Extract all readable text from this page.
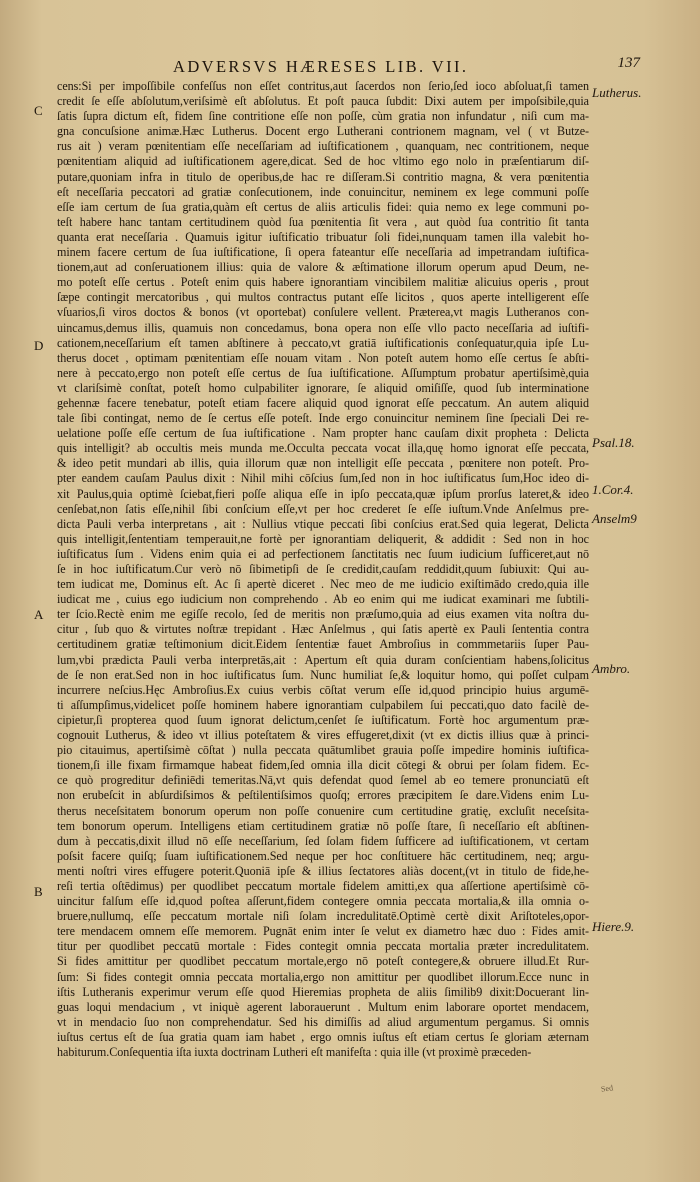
ADVERSVS HÆRESES LIB. VII.	137
cens:Si per impoſſibile confeſſus non eſſet contritus,aut ſacerdos non ſerio,ſed ioco abſoluat,ſi tamen
credit ſe eſſe abſolutum,veriſsimè eſt abſolutus. Et poſt pauca ſubdit: Dixi autem per impoſsibile,quia
ſatis ſupra dictum eſt, fidem ſine contritione eſſe non poſſe, cùm gratia non infundatur , niſi cum ma-
gna concuſsione animæ.Hæc Lutherus. Docent ergo Lutherani contrionem magnam, vel ( vt Butze-
rus ait ) veram pœnitentiam eſſe neceſſariam ad iuſtificationem , quanquam, nec contritionem, neque
pœnitentiam aliquid ad iuſtificationem agere,dicat. Sed de hoc vltimo ego nolo in præſentiarum diſ-
putare,quoniam infra in titulo de operibus,de hac re diſſeram.Si contritio magna, & vera pœnitentia
eſt neceſſaria peccatori ad gratiæ conſecutionem, inde conuincitur, neminem ex lege communi poſſe
eſſe iam certum de ſua gratia,quàm eſt certus de aliis articulis fidei: quia nemo ex lege communi po-
teſt habere hanc tantam certitudinem quòd ſua pœnitentia ſit vera , aut quòd ſua contritio ſit tanta
quanta erat neceſſaria . Quamuis igitur iuſtificatio tribuatur ſoli fidei,nunquam tamen illa valebit ho-
minem facere certum de ſua iuſtificatione, ſi opera fateantur eſſe neceſſaria ad impetrandam iuſtifica-
tionem,aut ad conſeruationem illius: quia de valore & æſtimatione illorum operum apud Deum, ne-
mo poteſt eſſe certus . Poteſt enim quis habere ignorantiam vincibilem malitiæ alicuius operis , prout
ſæpe contingit mercatoribus , qui multos contractus putant eſſe licitos , quos aperte intelligerent eſſe
vſuarios,ſi viros doctos & bonos (vt oportebat) conſulere vellent. Præterea,vt magis Lutheranos con-
uincamus,demus illis, quamuis non concedamus, bona opera non eſſe vllo pacto neceſſaria ad iuſtifi-
cationem,neceſſarium eſt tamen abſtinere à peccato,vt gratiā iuſtificationis conſequatur,quia ipſe Lu-
therus docet , optimam pœnitentiam eſſe nouam vitam . Non poteſt autem homo eſſe certus ſe abſti-
nere à peccato,ergo non poteſt eſſe certus de ſua iuſtificatione. Aſſumptum probatur apertiſsimè,quia
vt clariſsimè conſtat, poteſt homo culpabiliter ignorare, ſe aliquid omiſiſſe, quod ſub interminatione
gehennæ facere tenebatur, poteſt etiam facere aliquid quod ignorat eſſe peccatum. An autem aliquid
tale ſibi contingat, nemo de ſe certus eſſe poteſt. Inde ergo conuincitur neminem ſine ſpeciali Dei re-
uelatione poſſe eſſe certum de ſua iuſtificatione . Nam propter hanc cauſam dixit propheta : Delicta
quis intelligit? ab occultis meis munda me.Occulta peccata vocat illa,quę homo ignorat eſſe peccata,
& ideo petit mundari ab illis, quia illorum quæ non intelligit eſſe peccata , pœnitere non poteſt. Pro-
pter eandem cauſam Paulus dixit : Nihil mihi cōſcius ſum,ſed non in hoc iuſtificatus ſum,Hoc ideo di-
xit Paulus,quia optimè ſciebat,fieri poſſe aliqua eſſe in ipſo peccata,quæ ipſum prorſus lateret,& ideo
cenſebat,non ſatis eſſe,nihil ſibi conſcium eſſe,vt per hoc crederet ſe eſſe iuſtum.Vnde Anſelmus pre-
dicta Pauli verba interpretans , ait : Nullius vtique peccati ſibi conſcius erat.Sed quia legerat, Delicta
quis intelligit,ſententiam temperauit,ne fortè per ignorantiam deliquerit, & addidit : Sed non in hoc
iuſtificatus ſum . Videns enim quia ei ad perfectionem ſanctitatis nec ſuum iudicium ſufficeret,aut nō
ſe in hoc iuſtificatum.Cur verò nō ſibimetipſi de ſe credidit,cauſam reddidit,quum ſubiuxit: Qui au-
tem iudicat me, Dominus eſt. Ac ſi apertè diceret . Nec meo de me iudicio exiſtimādo credo,quia ille
iudicat me , cuius ego iudicium non comprehendo . Ab eo enim qui me iudicat examinari me ſubtili-
ter ſcio.Rectè enim me egiſſe recolo, ſed de meritis non præſumo,quia ad eius examen vita noſtra du-
citur , ſub quo & virtutes noſtræ trepidant . Hæc Anſelmus , qui ſatis apertè ex Pauli ſententia contra
certitudinem gratiæ teſtimonium dicit.Eidem ſententiæ fauet Ambroſius in commmetariis ſuper Pau-
lum,vbi prædicta Pauli verba interpretās,ait : Apertum eſt quia duram conſcientiam habens,ſolicitus
de ſe non erat.Sed non in hoc iuſtificatus ſum. Nunc humiliat ſe,& loquitur homo, qui poſſet culpam
incurrere neſcius.Hęc Ambroſius.Ex cuius verbis cōſtat verum eſſe id,quod principio huius argumē-
ti aſſumpſimus,videlicet poſſe hominem habere ignorantiam culpabilem ſui peccati,quo dato facilè de-
cipietur,ſi propterea quod ſuum ignorat delictum,cenſet ſe iuſtificatum. Fortè hoc argumentum præ-
cognouit Lutherus, & ideo vt illius poteſtatem & vires effugeret,dixit (vt ex dictis illius quæ à princi-
pio citauimus, apertiſsimè cōſtat ) nulla peccata quātumlibet grauia poſſe impedire hominis iuſtifica-
tionem,ſi ille fixam firmamque habeat fidem,ſed omnia illa dicit cōtegi & obrui per ſolam fidem. Ec-
ce quò progreditur definiēdi temeritas.Nā,vt quis defendat quod ſemel ab eo temere pronunciatū eſt
non erubeſcit in abſurdiſsimos & peſtilentiſsimos quoſq; errores præcipitem ſe dare.Videns enim Lu-
therus neceſsitatem bonorum operum non poſſe conuenire cum certitudine gratię, excluſit neceſsita-
tem bonorum operum. Intelligens etiam certitudinem gratiæ nō poſſe ſtare, ſi neceſſario eſt abſtinen-
dum à peccatis,dixit illud nō eſſe neceſſarium, ſed ſolam fidem ſufficere ad iuſtificationem, vt certam
poſsit facere quiſq; ſuam iuſtificationem.Sed neque per hoc conſtituere hāc certitudinem, neq; argu-
menti noſtri vires effugere poterit.Quoniā ipſe & illius ſectatores aliàs docent,(vt in titulo de fide,he-
reſi tertia oſtēdimus) per quodlibet peccatum mortale fidelem amitti,ex qua aſſertione apertiſsimè cō-
uincitur falſum eſſe id,quod poſtea aſſerunt,fidem contegere omnia peccata mortalia,& illa omnia o-
bruere,nullumq, eſſe peccatum mortale niſi ſolam incredulitatē.Optimè certè dixit Ariſtoteles,opor-
tere mendacem omnem eſſe memorem. Pugnāt enim inter ſe velut ex diametro hæc duo : Fides amit-
titur per quodlibet peccatū mortale : Fides contegit omnia peccata mortalia præter incredulitatem.
Si fides amittitur per quodlibet peccatum mortale,ergo nō poteſt contegere,& obruere illud.Et Rur-
ſum: Si fides contegit omnia peccata mortalia,ergo non amittitur per quodlibet illorum.Ecce nunc in
iſtis Lutheranis experimur verum eſſe quod Hieremias propheta de aliis ſimilib9 dixit:Docuerant lin-
guas loqui mendacium , vt iniquè agerent laborauerunt . Multum enim laborare oportet mendacem,
vt in mendacio ſuo non comprehendatur. Sed his dimiſſis ad aliud argumentum pergamus. Si omnis
iuſtus certus eſt de ſua gratia quam iam habet , ergo omnis iuſtus eſt etiam certus ſe gloriam æternam
habiturum.Conſequentia iſta iuxta doctrinam Lutheri eſt manifeſta : quia ille (vt proximè præceden-
Lutherus.
Psal.18.
1.Cor.4.
Anselm9
Ambro.
Hiere.9.
C
D
A
B
Sed
